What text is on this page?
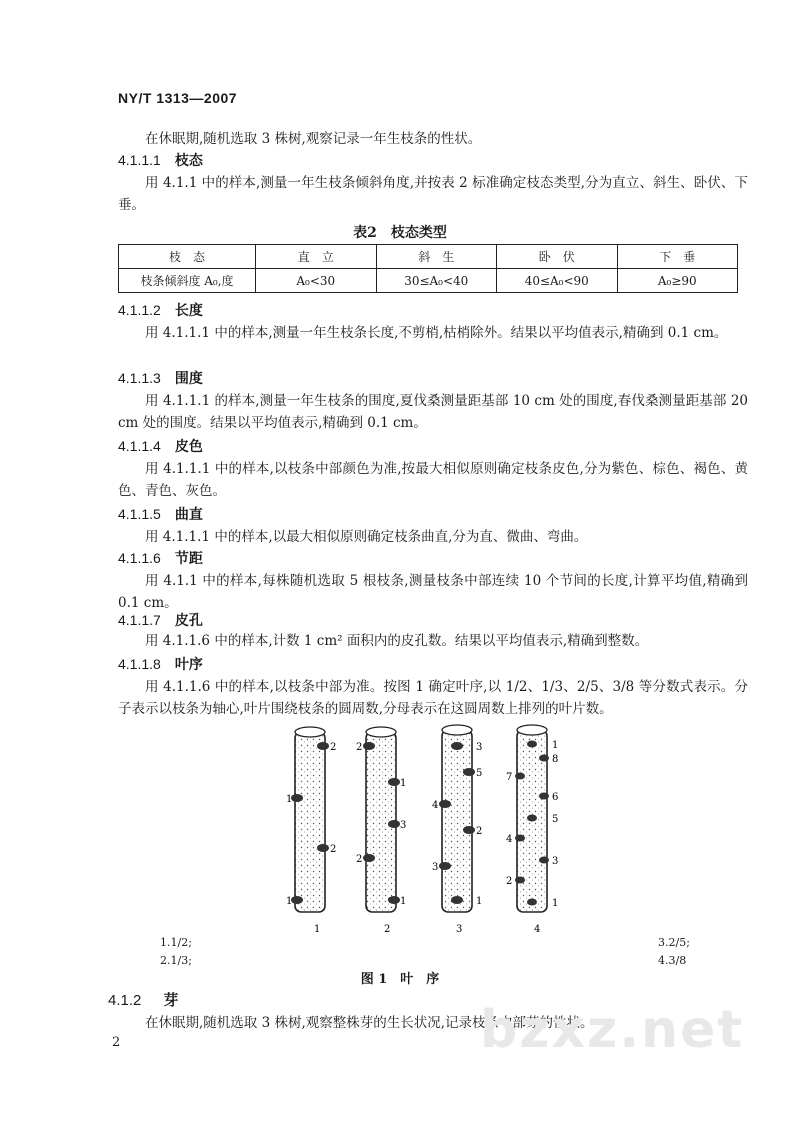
NY/T 1313—2007
在休眠期,随机选取 3 株树,观察记录一年生枝条的性状。
4.1.1.1 枝态
用 4.1.1 中的样本,测量一年生枝条倾斜角度,并按表 2 标准确定枝态类型,分为直立、斜生、卧伏、下垂。
表2　枝态类型
枝　态	直　立	斜　生	卧　伏	下　垂
枝条倾斜度 A₀,度	A₀<30	30≤A₀<40	40≤A₀<90	A₀≥90
4.1.1.2 长度
用 4.1.1.1 中的样本,测量一年生枝条长度,不剪梢,枯梢除外。结果以平均值表示,精确到 0.1 cm。
4.1.1.3 围度
用 4.1.1.1 的样本,测量一年生枝条的围度,夏伐桑测量距基部 10 cm 处的围度,春伐桑测量距基部 20 cm 处的围度。结果以平均值表示,精确到 0.1 cm。
4.1.1.4 皮色
用 4.1.1.1 中的样本,以枝条中部颜色为准,按最大相似原则确定枝条皮色,分为紫色、棕色、褐色、黄色、青色、灰色。
4.1.1.5 曲直
用 4.1.1.1 中的样本,以最大相似原则确定枝条曲直,分为直、微曲、弯曲。
4.1.1.6 节距
用 4.1.1 中的样本,每株随机选取 5 根枝条,测量枝条中部连续 10 个节间的长度,计算平均值,精确到 0.1 cm。
4.1.1.7 皮孔
用 4.1.1.6 中的样本,计数 1 cm² 面积内的皮孔数。结果以平均值表示,精确到整数。
4.1.1.8 叶序
用 4.1.1.6 中的样本,以枝条中部为准。按图 1 确定叶序,以 1/2、1/3、2/5、3/8 等分数式表示。分子表示以枝条为轴心,叶片围绕枝条的圆周数,分母表示在这圆周数上排列的叶片数。
2
1
2
1
1
2
1
3
2
1
2
3
5
4
2
3
1
3
1
8
7
6
5
4
3
2
1
4
1.1/2;
2.1/3;
3.2/5;
4.3/8
图 1　叶　序
4.1.2 芽
在休眠期,随机选取 3 株树,观察整株芽的生长状况,记录枝条中部芽的性状。
bzxz.net
2
